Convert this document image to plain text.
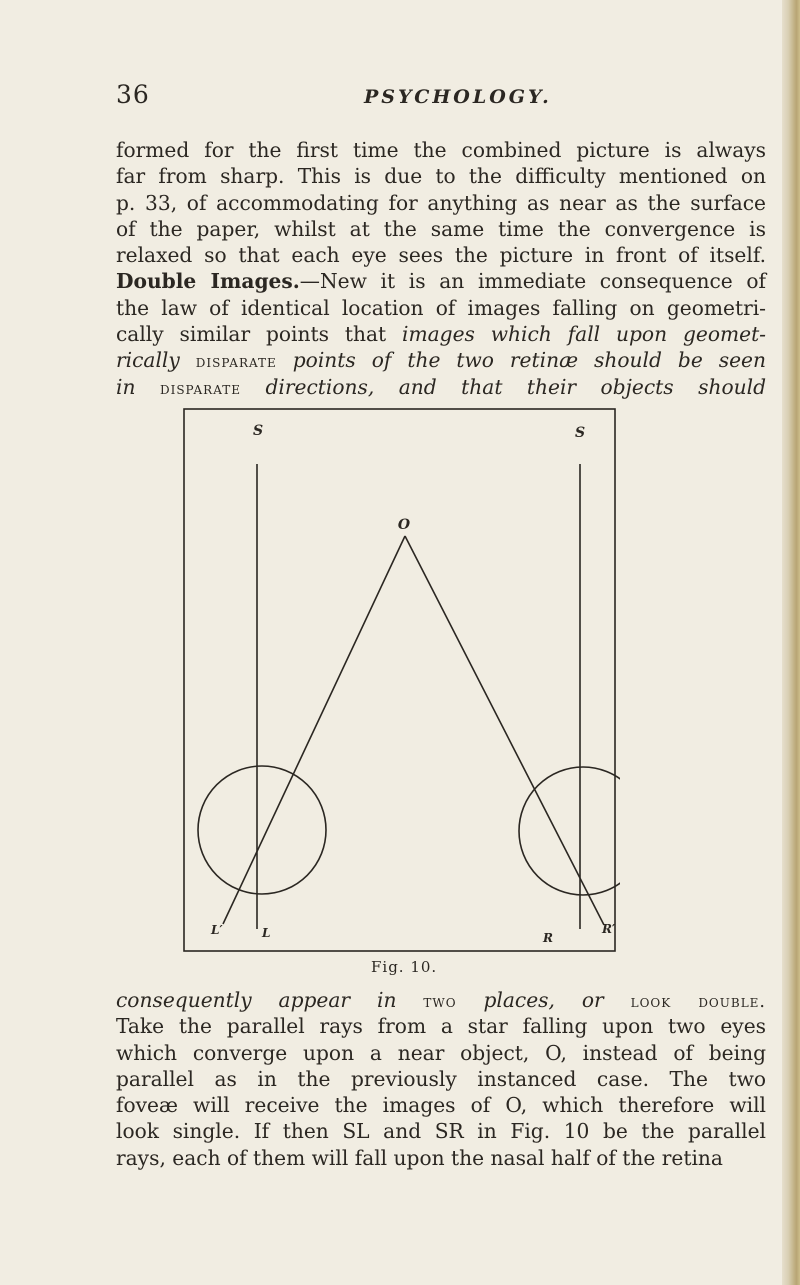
36	PSYCHOLOGY.
formed for the first time the combined picture is always
far from sharp. This is due to the difficulty mentioned on
p. 33, of accommodating for anything as near as the surface
of the paper, whilst at the same time the convergence is
relaxed so that each eye sees the picture in front of itself.
Double Images.—New it is an immediate consequence of
the law of identical location of images falling on geometri-
cally similar points that images which fall upon geomet-
rically disparate points of the two retinæ should be seen
in disparate directions, and that their objects should
S	S
O
L′	L	R
R′
Fig. 10.
consequently appear in two places, or look double.
Take the parallel rays from a star falling upon two eyes
which converge upon a near object, O, instead of being
parallel as in the previously instanced case. The two
foveæ will receive the images of O, which therefore will
look single. If then SL and SR in Fig. 10 be the parallel
rays, each of them will fall upon the nasal half of the retina
